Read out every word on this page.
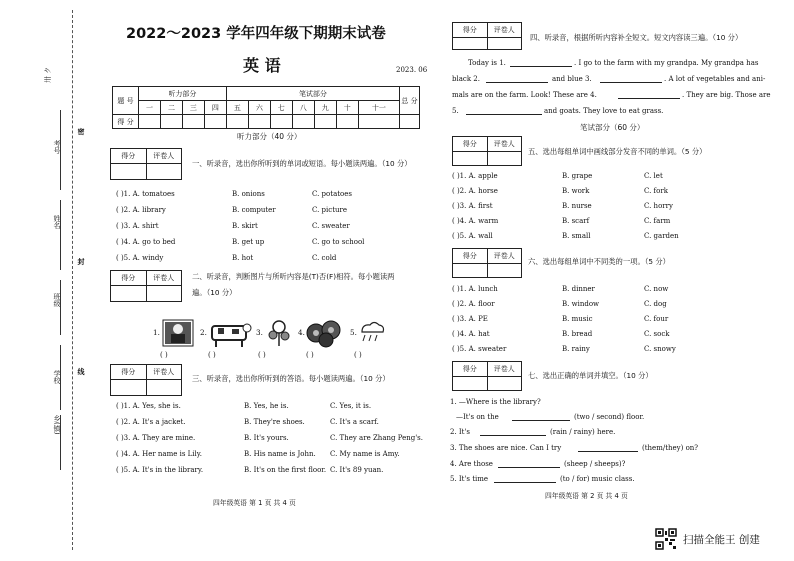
卅 ク
考号
姓名
班级
学校
乡(镇)
密
封
线
2022～2023 学年四年级下期期末试卷
英 语	2023. 06
题 号	听力部分				笔试部分							总 分
	一	二	三	四	五	六	七	八	九	十	十一	
得 分												
听力部分（40 分）
得分	评卷人
一、听录音，选出你所听到的单词或短语。每小题读两遍。（10 分）
( )1. A. tomatoes	B. onions	C. potatoes
( )2. A. library	B. computer	C. picture
( )3. A. shirt	B. skirt	C. sweater
( )4. A. go to bed	B. get up	C. go to school
( )5. A. windy	B. hot	C. cold
得分	评卷人	二、听录音，判断图片与所听内容是(T)否(F)相符。每小题读两
遍。（10 分）
1.	2.	3.	4.	5.
( )	( )	( )	( )	( )
得分	评卷人
三、听录音，选出你所听到的答语。每小题读两遍。（10 分）
( )1. A. Yes, she is.	B. Yes, he is.	C. Yes, it is.
( )2. A. It's a jacket.	B. They're shoes.	C. It's a scarf.
( )3. A. They are mine.	B. It's yours.	C. They are Zhang Peng's.
( )4. A. Her name is Lily.	B. His name is John. C. My name is Amy.
( )5. A. It's in the library.	B. It's on the first floor. C. It's 89 yuan.
四年级英语 第 1 页 共 4 页
得分	评卷人
四、听录音，根据所听内容补全短文。短文内容读三遍。（10 分）
Today is 1.	. I go to the farm with my grandpa. My grandpa has
black 2.	and blue 3.	. A lot of vegetables and ani-
mals are on the farm. Look! These are 4.	. They are big. Those are
5.	and goats. They love to eat grass.
笔试部分（60 分）
得分	评卷人
五、选出每组单词中画线部分发音不同的单词。（5 分）
( )1. A. apple	B. grape	C. let
( )2. A. horse	B. work	C. fork
( )3. A. first	B. nurse	C. horry
( )4. A. warm	B. scarf	C. farm
( )5. A. wall	B. small	C. garden
得分	评卷人
六、选出每组单词中不同类的一项。（5 分）
( )1. A. lunch	B. dinner	C. now
( )2. A. floor	B. window	C. dog
( )3. A. PE	B. music	C. four
( )4. A. hat	B. bread	C. sock
( )5. A. sweater	B. rainy	C. snowy
得分	评卷人
七、选出正确的单词并填空。（10 分）
1. —Where is the library?
—It's on the	(two / second) floor.
2. It's	(rain / rainy) here.
3. The shoes are nice. Can I try	(them/they) on?
4. Are those	(sheep / sheeps)?
5. It's time	(to / for) music class.
四年级英语 第 2 页 共 4 页
扫描全能王 创建
